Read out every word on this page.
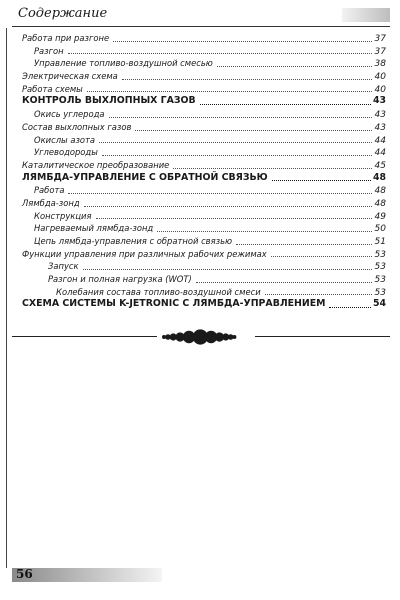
Содержание
Работа при разгоне	37
Разгон	37
Управление топливо-воздушной смесью	38
Электрическая схема	40
Работа схемы	40
КОНТРОЛЬ ВЫХЛОПНЫХ ГАЗОВ	43
Окись углерода	43
Состав выхлопных газов	43
Окислы азота	44
Углеводороды	44
Каталитическое преобразование	45
ЛЯМБДА-УПРАВЛЕНИЕ С ОБРАТНОЙ СВЯЗЬЮ	48
Работа	48
Лямбда-зонд	48
Конструкция	49
Нагреваемый лямбда-зонд	50
Цепь лямбда-управления с обратной связью	51
Функции управления при различных рабочих режимах	53
Запуск	53
Разгон и полная нагрузка (WOT)	53
Колебания состава топливо-воздушной смеси	53
СХЕМА СИСТЕМЫ K-JETRONIC С ЛЯМБДА-УПРАВЛЕНИЕМ	54
56
